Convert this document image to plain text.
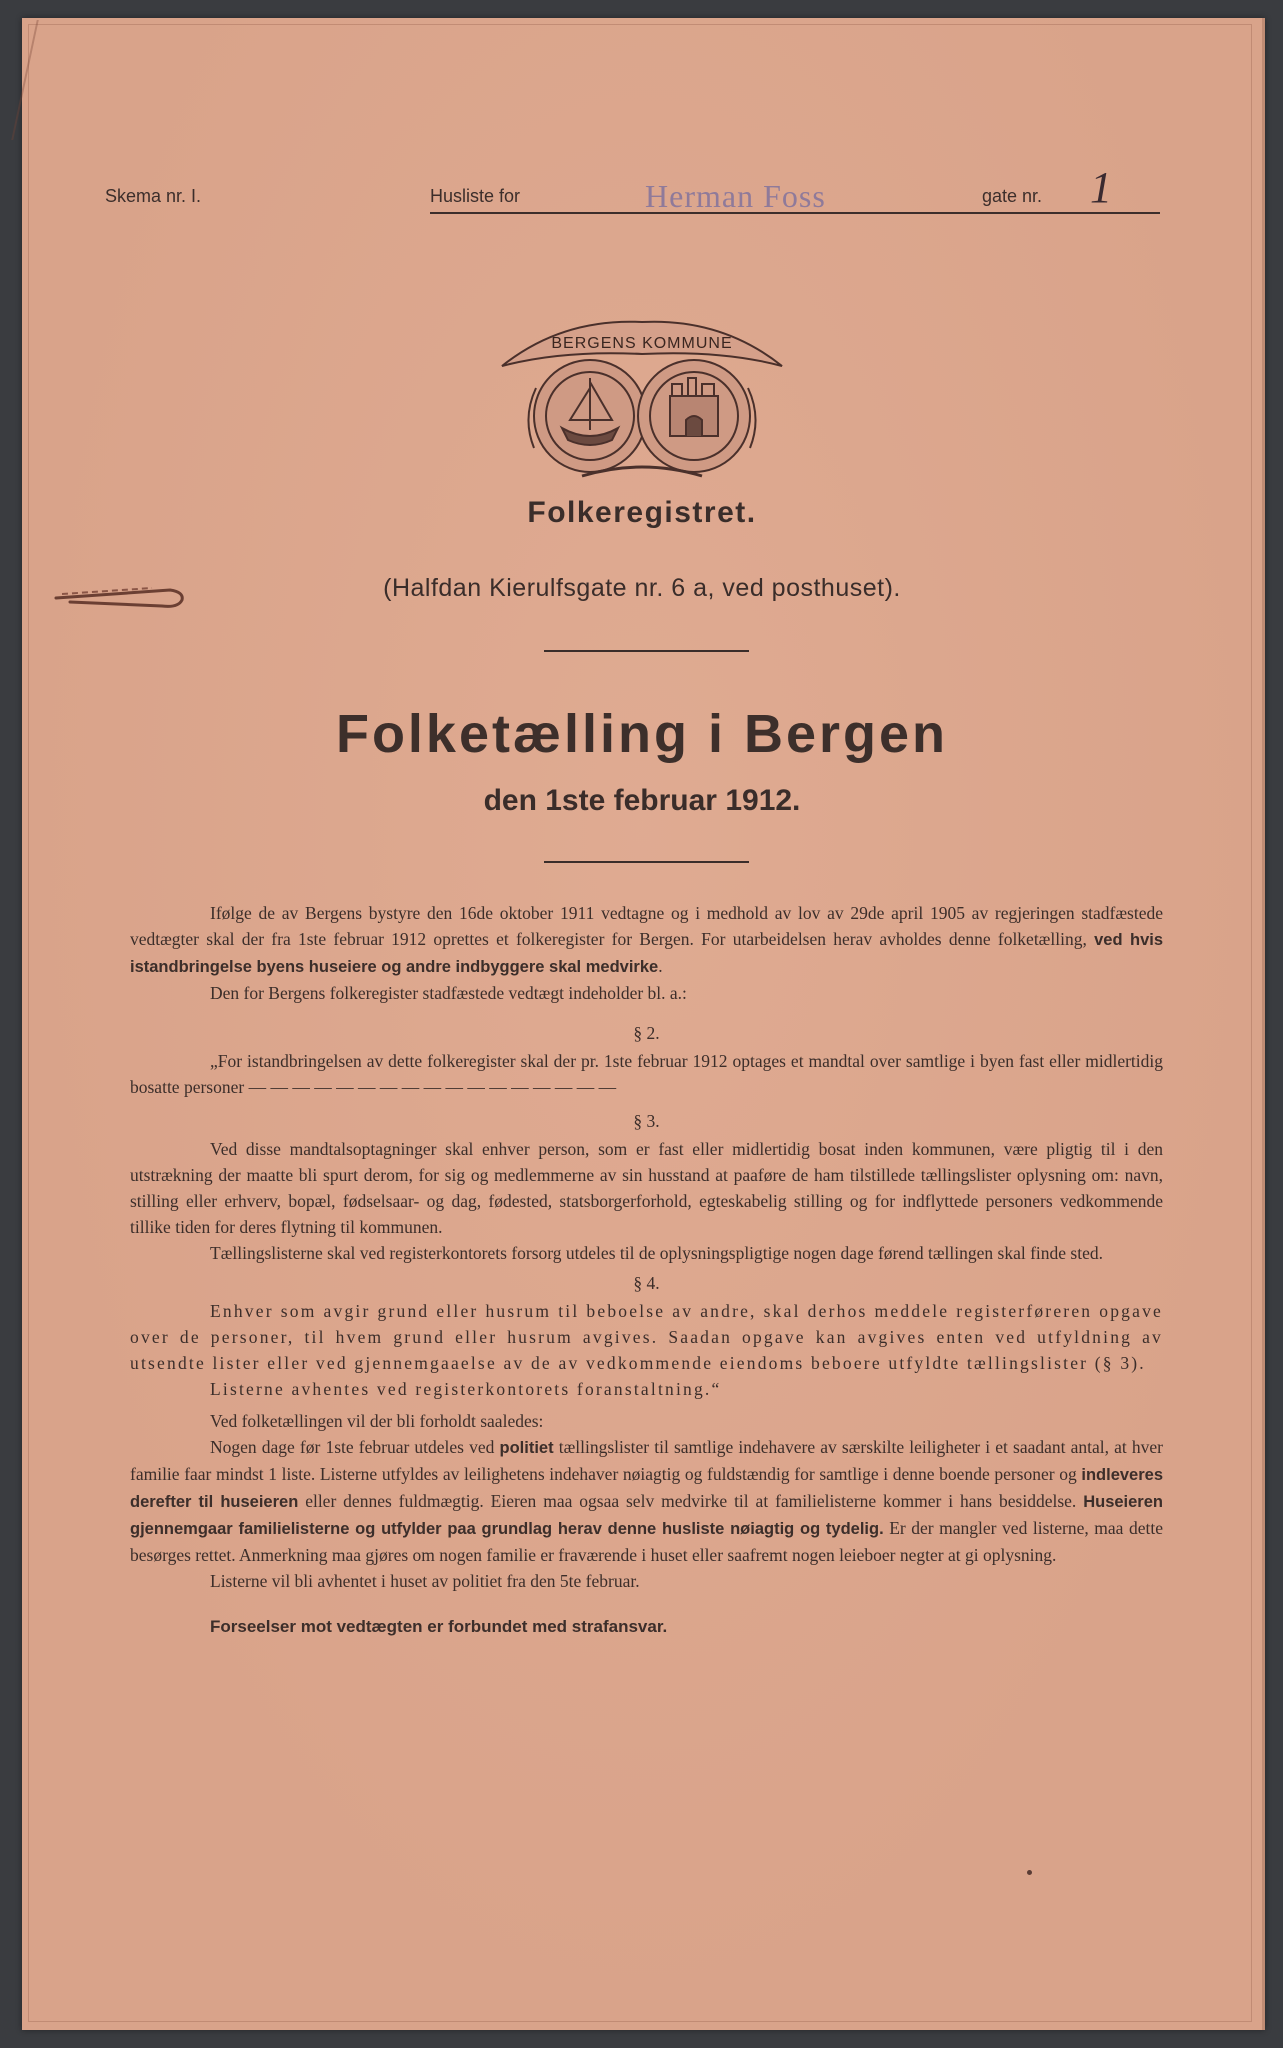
Skema nr. I.	Husliste for	Herman Foss	gate nr. 1
BERGENS KOMMUNE
Folkeregistret.
(Halfdan Kierulfsgate nr. 6 a, ved posthuset).
Folketælling i Bergen
den 1ste februar 1912.

Ifølge de av Bergens bystyre den 16de oktober 1911 vedtagne og i medhold av lov av 29de april 1905 av regjeringen stadfæstede vedtægter skal der fra 1ste februar 1912 oprettes et folkeregister for Bergen. For utarbeidelsen herav avholdes denne folketælling, ved hvis istandbringelse byens huseiere og andre indbyggere skal medvirke.

Den for Bergens folkeregister stadfæstede vedtægt indeholder bl. a.:

§ 2.

„For istandbringelsen av dette folkeregister skal der pr. 1ste februar 1912 optages et mandtal over samtlige i byen fast eller midlertidig bosatte personer — — — — — — — — — — — — — — — — —

§ 3.

Ved disse mandtalsoptagninger skal enhver person, som er fast eller midlertidig bosat inden kommunen, være pligtig til i den utstrækning der maatte bli spurt derom, for sig og medlemmerne av sin husstand at paaføre de ham tilstillede tællingslister oplysning om: navn, stilling eller erhverv, bopæl, fødselsaar- og dag, fødested, statsborgerforhold, egteskabelig stilling og for indflyttede personers vedkommende tillike tiden for deres flytning til kommunen.

Tællingslisterne skal ved registerkontorets forsorg utdeles til de oplysningspligtige nogen dage førend tællingen skal finde sted.

§ 4.

Enhver som avgir grund eller husrum til beboelse av andre, skal derhos meddele registerføreren opgave over de personer, til hvem grund eller husrum avgives. Saadan opgave kan avgives enten ved utfyldning av utsendte lister eller ved gjennemgaaelse av de av vedkommende eiendoms beboere utfyldte tællingslister (§ 3).

Listerne avhentes ved registerkontorets foranstaltning.“

Ved folketællingen vil der bli forholdt saaledes:

Nogen dage før 1ste februar utdeles ved politiet tællingslister til samtlige indehavere av særskilte leiligheter i et saadant antal, at hver familie faar mindst 1 liste. Listerne utfyldes av leilighetens indehaver nøiagtig og fuldstændig for samtlige i denne boende personer og indleveres derefter til huseieren eller dennes fuldmægtig. Eieren maa ogsaa selv medvirke til at familielisterne kommer i hans besiddelse. Huseieren gjennemgaar familielisterne og utfylder paa grundlag herav denne husliste nøiagtig og tydelig. Er der mangler ved listerne, maa dette besørges rettet. Anmerkning maa gjøres om nogen familie er fraværende i huset eller saafremt nogen leieboer negter at gi oplysning.

Listerne vil bli avhentet i huset av politiet fra den 5te februar.

Forseelser mot vedtægten er forbundet med strafansvar.
